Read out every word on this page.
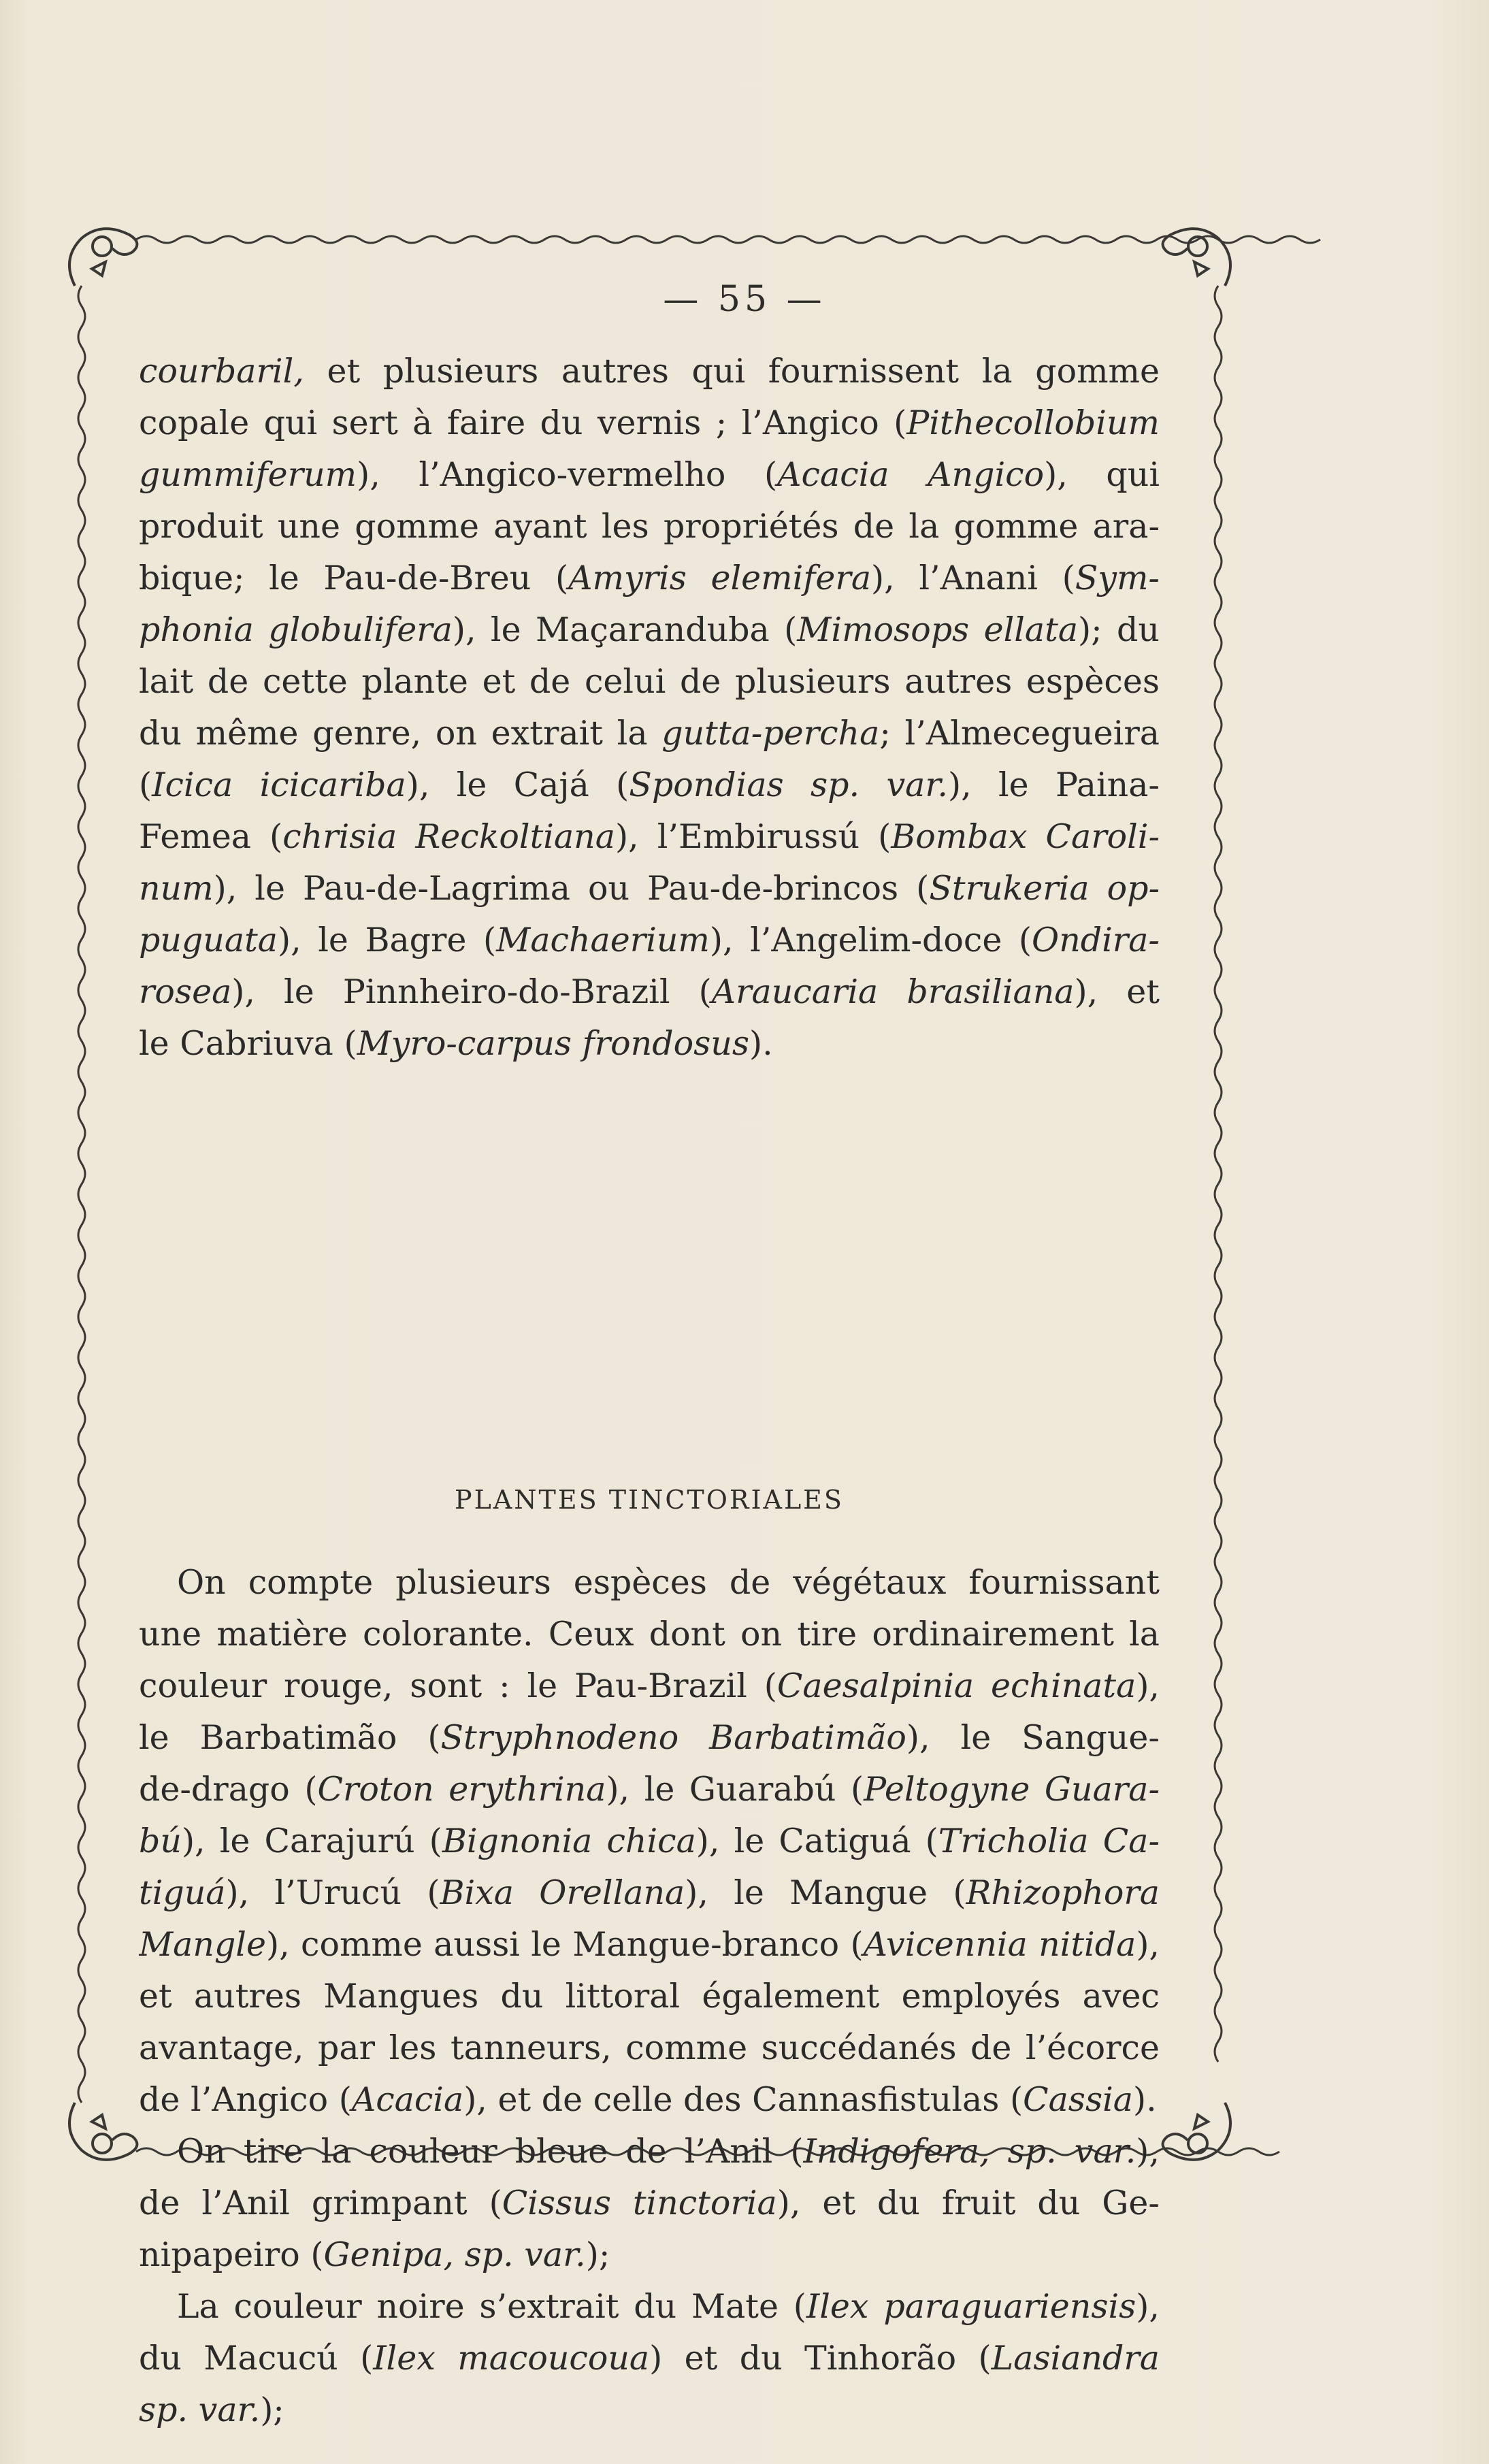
— 55 —
courbaril, et plusieurs autres qui fournissent la gomme
copale qui sert à faire du vernis ; l’Angico (Pithecollobium
gummiferum), l’Angico-vermelho (Acacia Angico), qui
produit une gomme ayant les propriétés de la gomme ara-
bique; le Pau-de-Breu (Amyris elemifera), l’Anani (Sym-
phonia globulifera), le Maçaranduba (Mimosops ellata); du
lait de cette plante et de celui de plusieurs autres espèces
du même genre, on extrait la gutta-percha; l’Almecegueira
(Icica icicariba), le Cajá (Spondias sp. var.), le Paina-
Femea (chrisia Reckoltiana), l’Embirussú (Bombax Caroli-
num), le Pau-de-Lagrima ou Pau-de-brincos (Strukeria op-
puguata), le Bagre (Machaerium), l’Angelim-doce (Ondira-
rosea), le Pinnheiro-do-Brazil (Araucaria brasiliana), et
le Cabriuva (Myro-carpus frondosus).
PLANTES TINCTORIALES
On compte plusieurs espèces de végétaux fournissant
une matière colorante. Ceux dont on tire ordinairement la
couleur rouge, sont : le Pau-Brazil (Caesalpinia echinata),
le Barbatimão (Stryphnodeno Barbatimão), le Sangue-
de-drago (Croton erythrina), le Guarabú (Peltogyne Guara-
bú), le Carajurú (Bignonia chica), le Catiguá (Tricholia Ca-
tiguá), l’Urucú (Bixa Orellana), le Mangue (Rhizophora
Mangle), comme aussi le Mangue-branco (Avicennia nitida),
et autres Mangues du littoral également employés avec
avantage, par les tanneurs, comme succédanés de l’écorce
de l’Angico (Acacia), et de celle des Cannasfistulas (Cassia).
On tire la couleur bleue de l’Anil (Indigofera, sp. var.),
de l’Anil grimpant (Cissus tinctoria), et du fruit du Ge-
nipapeiro (Genipa, sp. var.);
La couleur noire s’extrait du Mate (Ilex paraguariensis),
du Macucú (Ilex macoucoua) et du Tinhorão (Lasiandra
sp. var.);
